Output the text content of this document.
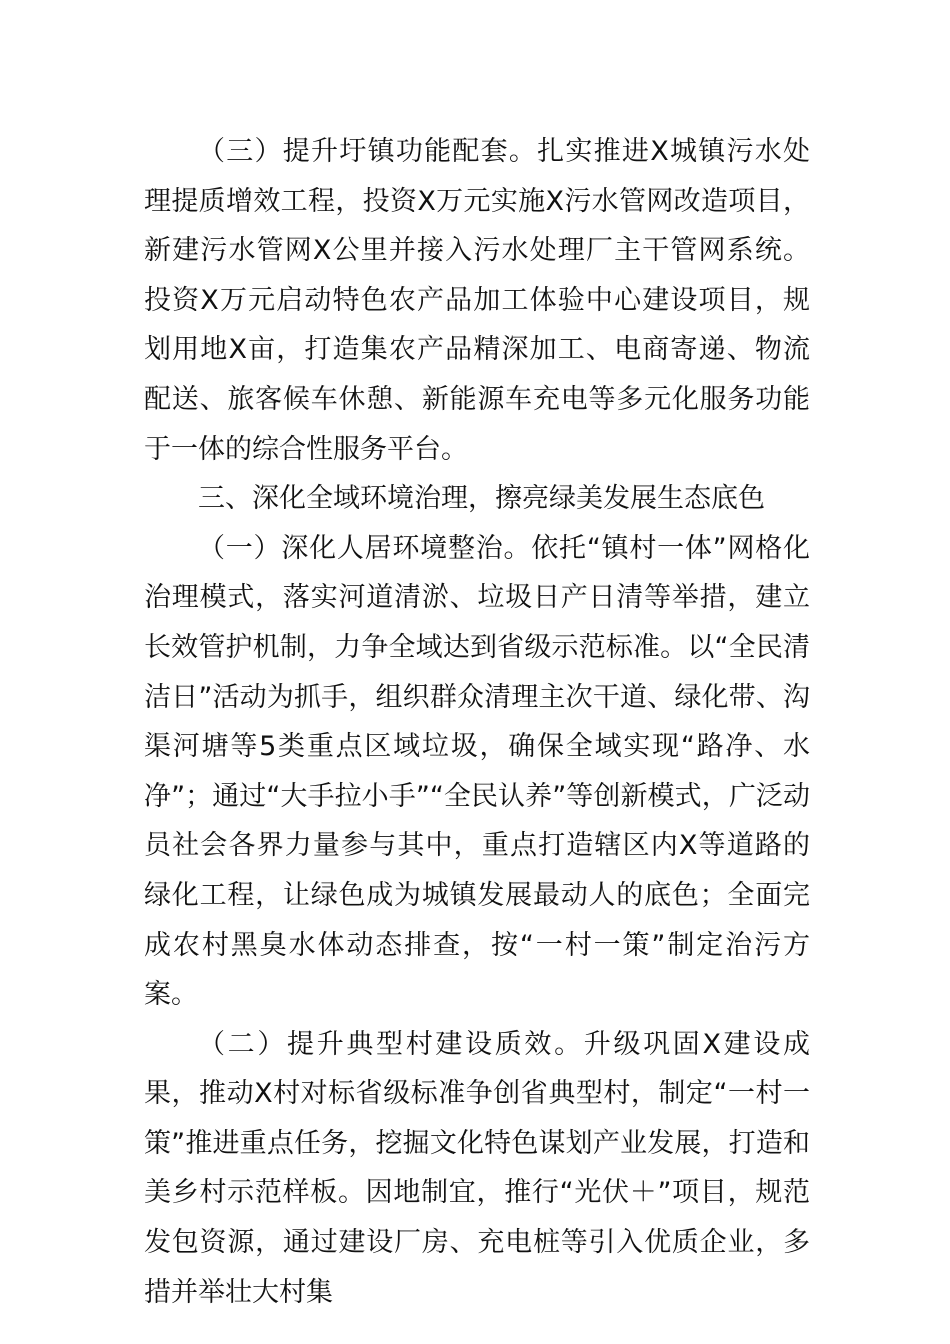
（三）提升圩镇功能配套。扎实推进X城镇污水处理提质增效工程，投资X万元实施X污水管网改造项目，新建污水管网X公里并接入污水处理厂主干管网系统。投资X万元启动特色农产品加工体验中心建设项目，规划用地X亩，打造集农产品精深加工、电商寄递、物流配送、旅客候车休憩、新能源车充电等多元化服务功能于一体的综合性服务平台。

三、深化全域环境治理，擦亮绿美发展生态底色

（一）深化人居环境整治。依托“镇村一体”网格化治理模式，落实河道清淤、垃圾日产日清等举措，建立长效管护机制，力争全域达到省级示范标准。以“全民清洁日”活动为抓手，组织群众清理主次干道、绿化带、沟渠河塘等5类重点区域垃圾，确保全域实现“路净、水净”；通过“大手拉小手”“全民认养”等创新模式，广泛动员社会各界力量参与其中，重点打造辖区内X等道路的绿化工程，让绿色成为城镇发展最动人的底色；全面完成农村黑臭水体动态排查，按“一村一策”制定治污方案。

（二）提升典型村建设质效。升级巩固X建设成果，推动X村对标省级标准争创省典型村，制定“一村一策”推进重点任务，挖掘文化特色谋划产业发展，打造和美乡村示范样板。因地制宜，推行“光伏＋”项目，规范发包资源，通过建设厂房、充电桩等引入优质企业，多措并举壮大村集
